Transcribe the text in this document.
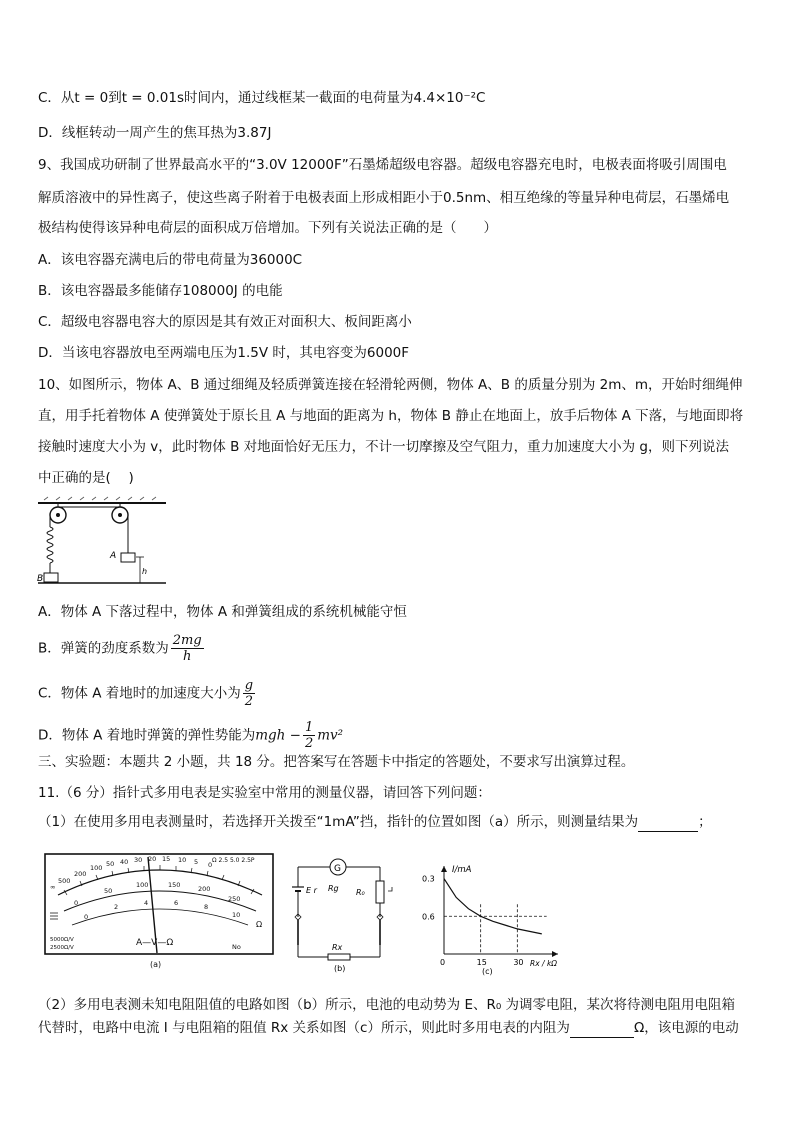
C．从t = 0到t = 0.01s时间内，通过线框某一截面的电荷量为4.4×10⁻²C
D．线框转动一周产生的焦耳热为3.87J
9、我国成功研制了世界最高水平的“3.0V 12000F”石墨烯超级电容器。超级电容器充电时，电极表面将吸引周围电
解质溶液中的异性离子，使这些离子附着于电极表面上形成相距小于0.5nm、相互绝缘的等量异种电荷层，石墨烯电
极结构使得该异种电荷层的面积成万倍增加。下列有关说法正确的是（　　）
A．该电容器充满电后的带电荷量为36000C
B．该电容器最多能储存108000J 的电能
C．超级电容器电容大的原因是其有效正对面积大、板间距离小
D．当该电容器放电至两端电压为1.5V 时，其电容变为6000F
10、如图所示，物体 A、B 通过细绳及轻质弹簧连接在轻滑轮两侧，物体 A、B 的质量分别为 2m、m，开始时细绳伸
直，用手托着物体 A 使弹簧处于原长且 A 与地面的距离为 h，物体 B 静止在地面上，放手后物体 A 下落，与地面即将
接触时速度大小为 v，此时物体 B 对地面恰好无压力，不计一切摩擦及空气阻力，重力加速度大小为 g，则下列说法
中正确的是(　 )
B
A
h
A．物体 A 下落过程中，物体 A 和弹簧组成的系统机械能守恒
B．弹簧的劲度系数为 $\frac{2mg}{h}$
C．物体 A 着地时的加速度大小为 $\frac{g}{2}$
D．物体 A 着地时弹簧的弹性势能为mgh − $\frac{1}{2} mv^2$
三、实验题：本题共 2 小题，共 18 分。把答案写在答题卡中指定的答题处，不要求写出演算过程。
11.（6 分）指针式多用电表是实验室中常用的测量仪器，请回答下列问题：
（1）在使用多用电表测量时，若选择开关拨至“1mA”挡，指针的位置如图（a）所示，则测量结果为	；
∞
500
200
100 50 40 30 20 15 10 5 0
Ω 2.5 5.0 2.5P
0
50
100	150	200
250
0
2	4	6	8
10
Ω
A—V—Ω
5000Ω/V
2500Ω/V	No
(a)
G
E r Rg R₀
Rx
(b)
I/mA
Rx / kΩ
0.6
0.3
0	15	30
(c)
（2）多用电表测未知电阻阻值的电路如图（b）所示，电池的电动势为 E、R₀ 为调零电阻，某次将待测电阻用电阻箱
代替时，电路中电流 I 与电阻箱的阻值 Rx 关系如图（c）所示，则此时多用电表的内阻为	Ω，该电源的电动
